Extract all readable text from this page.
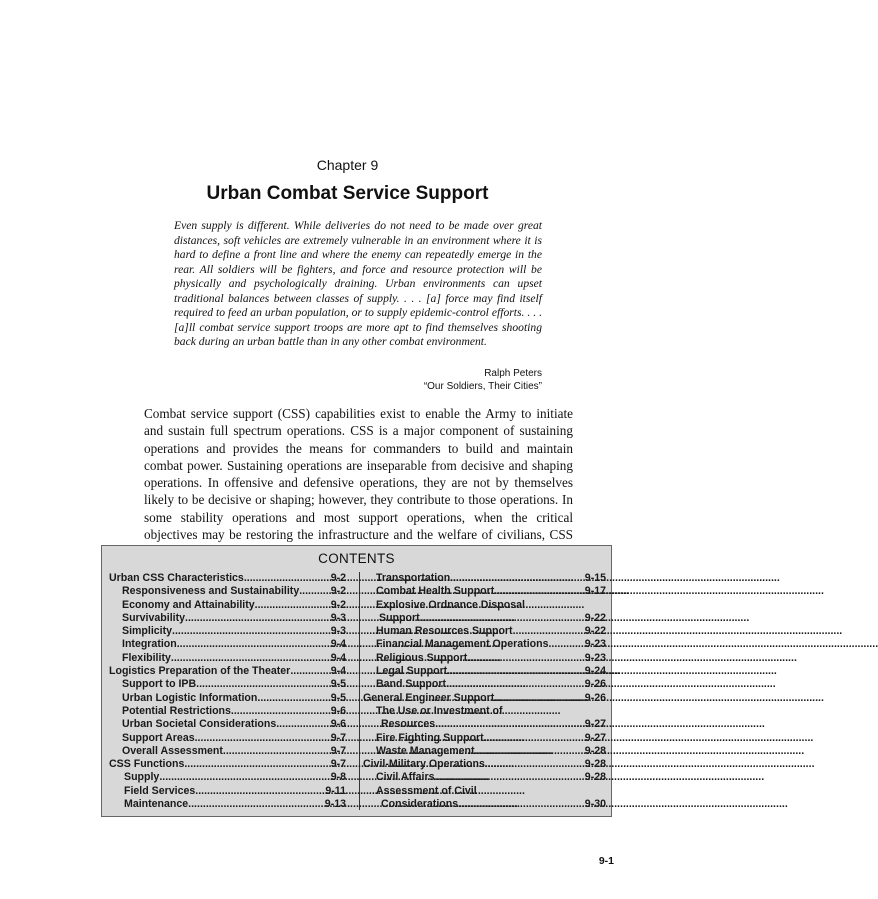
Chapter 9
Urban Combat Service Support

Even supply is different. While deliveries do not need to be made over great distances, soft vehicles are extremely vulnerable in an environment where it is hard to define a front line and where the enemy can repeatedly emerge in the rear. All soldiers will be fighters, and force and resource protection will be physically and psychologically draining. Urban environments can upset traditional balances between classes of supply. . . . [a] force may find itself required to feed an urban population, or to supply epidemic-control efforts. . . . [a]ll combat service support troops are more apt to find themselves shooting back during an urban battle than in any other combat environment.

Ralph Peters
“Our Soldiers, Their Cities”

Combat service support (CSS) capabilities exist to enable the Army to initiate and sustain full spectrum operations. CSS is a major component of sustaining operations and provides the means for commanders to build and maintain combat power. Sustaining operations are inseparable from decisive and shaping operations. In offensive and defensive operations, they are not by themselves likely to be decisive or shaping; however, they contribute to those operations. In some stability operations and most support operations, when the critical objectives may be restoring the infrastructure and the welfare of civilians, CSS

CONTENTS
Urban CSS Characteristics .....	9-2
Responsiveness and Sustainability .....	9-2
Economy and Attainability .....	9-2
Survivability .....	9-3
Simplicity .....	9-3
Integration .....	9-4
Flexibility .....	9-4
Logistics Preparation of the Theater .....	9-4
Support to IPB .....	9-5
Urban Logistic Information .....	9-5
Potential Restrictions .....	9-6
Urban Societal Considerations .....	9-6
Support Areas .....	9-7
Overall Assessment .....	9-7
CSS Functions .....	9-7
Supply .....	9-8
Field Services .....	9-11
Maintenance .....	9-13
Transportation .....	9-15
Combat Health Support .....	9-17
Explosive Ordnance Disposal
Support .....	9-22
Human Resources Support .....	9-22
Financial Management Operations .....	9-23
Religious Support .....	9-23
Legal Support .....	9-24
Band Support .....	9-26
General Engineer Support .....	9-26
The Use or Investment of
Resources .....	9-27
Fire Fighting Support .....	9-27
Waste Management .....	9-28
Civil-Military Operations .....	9-28
Civil Affairs .....	9-28
Assessment of Civil
Considerations .....	9-30
9-1
